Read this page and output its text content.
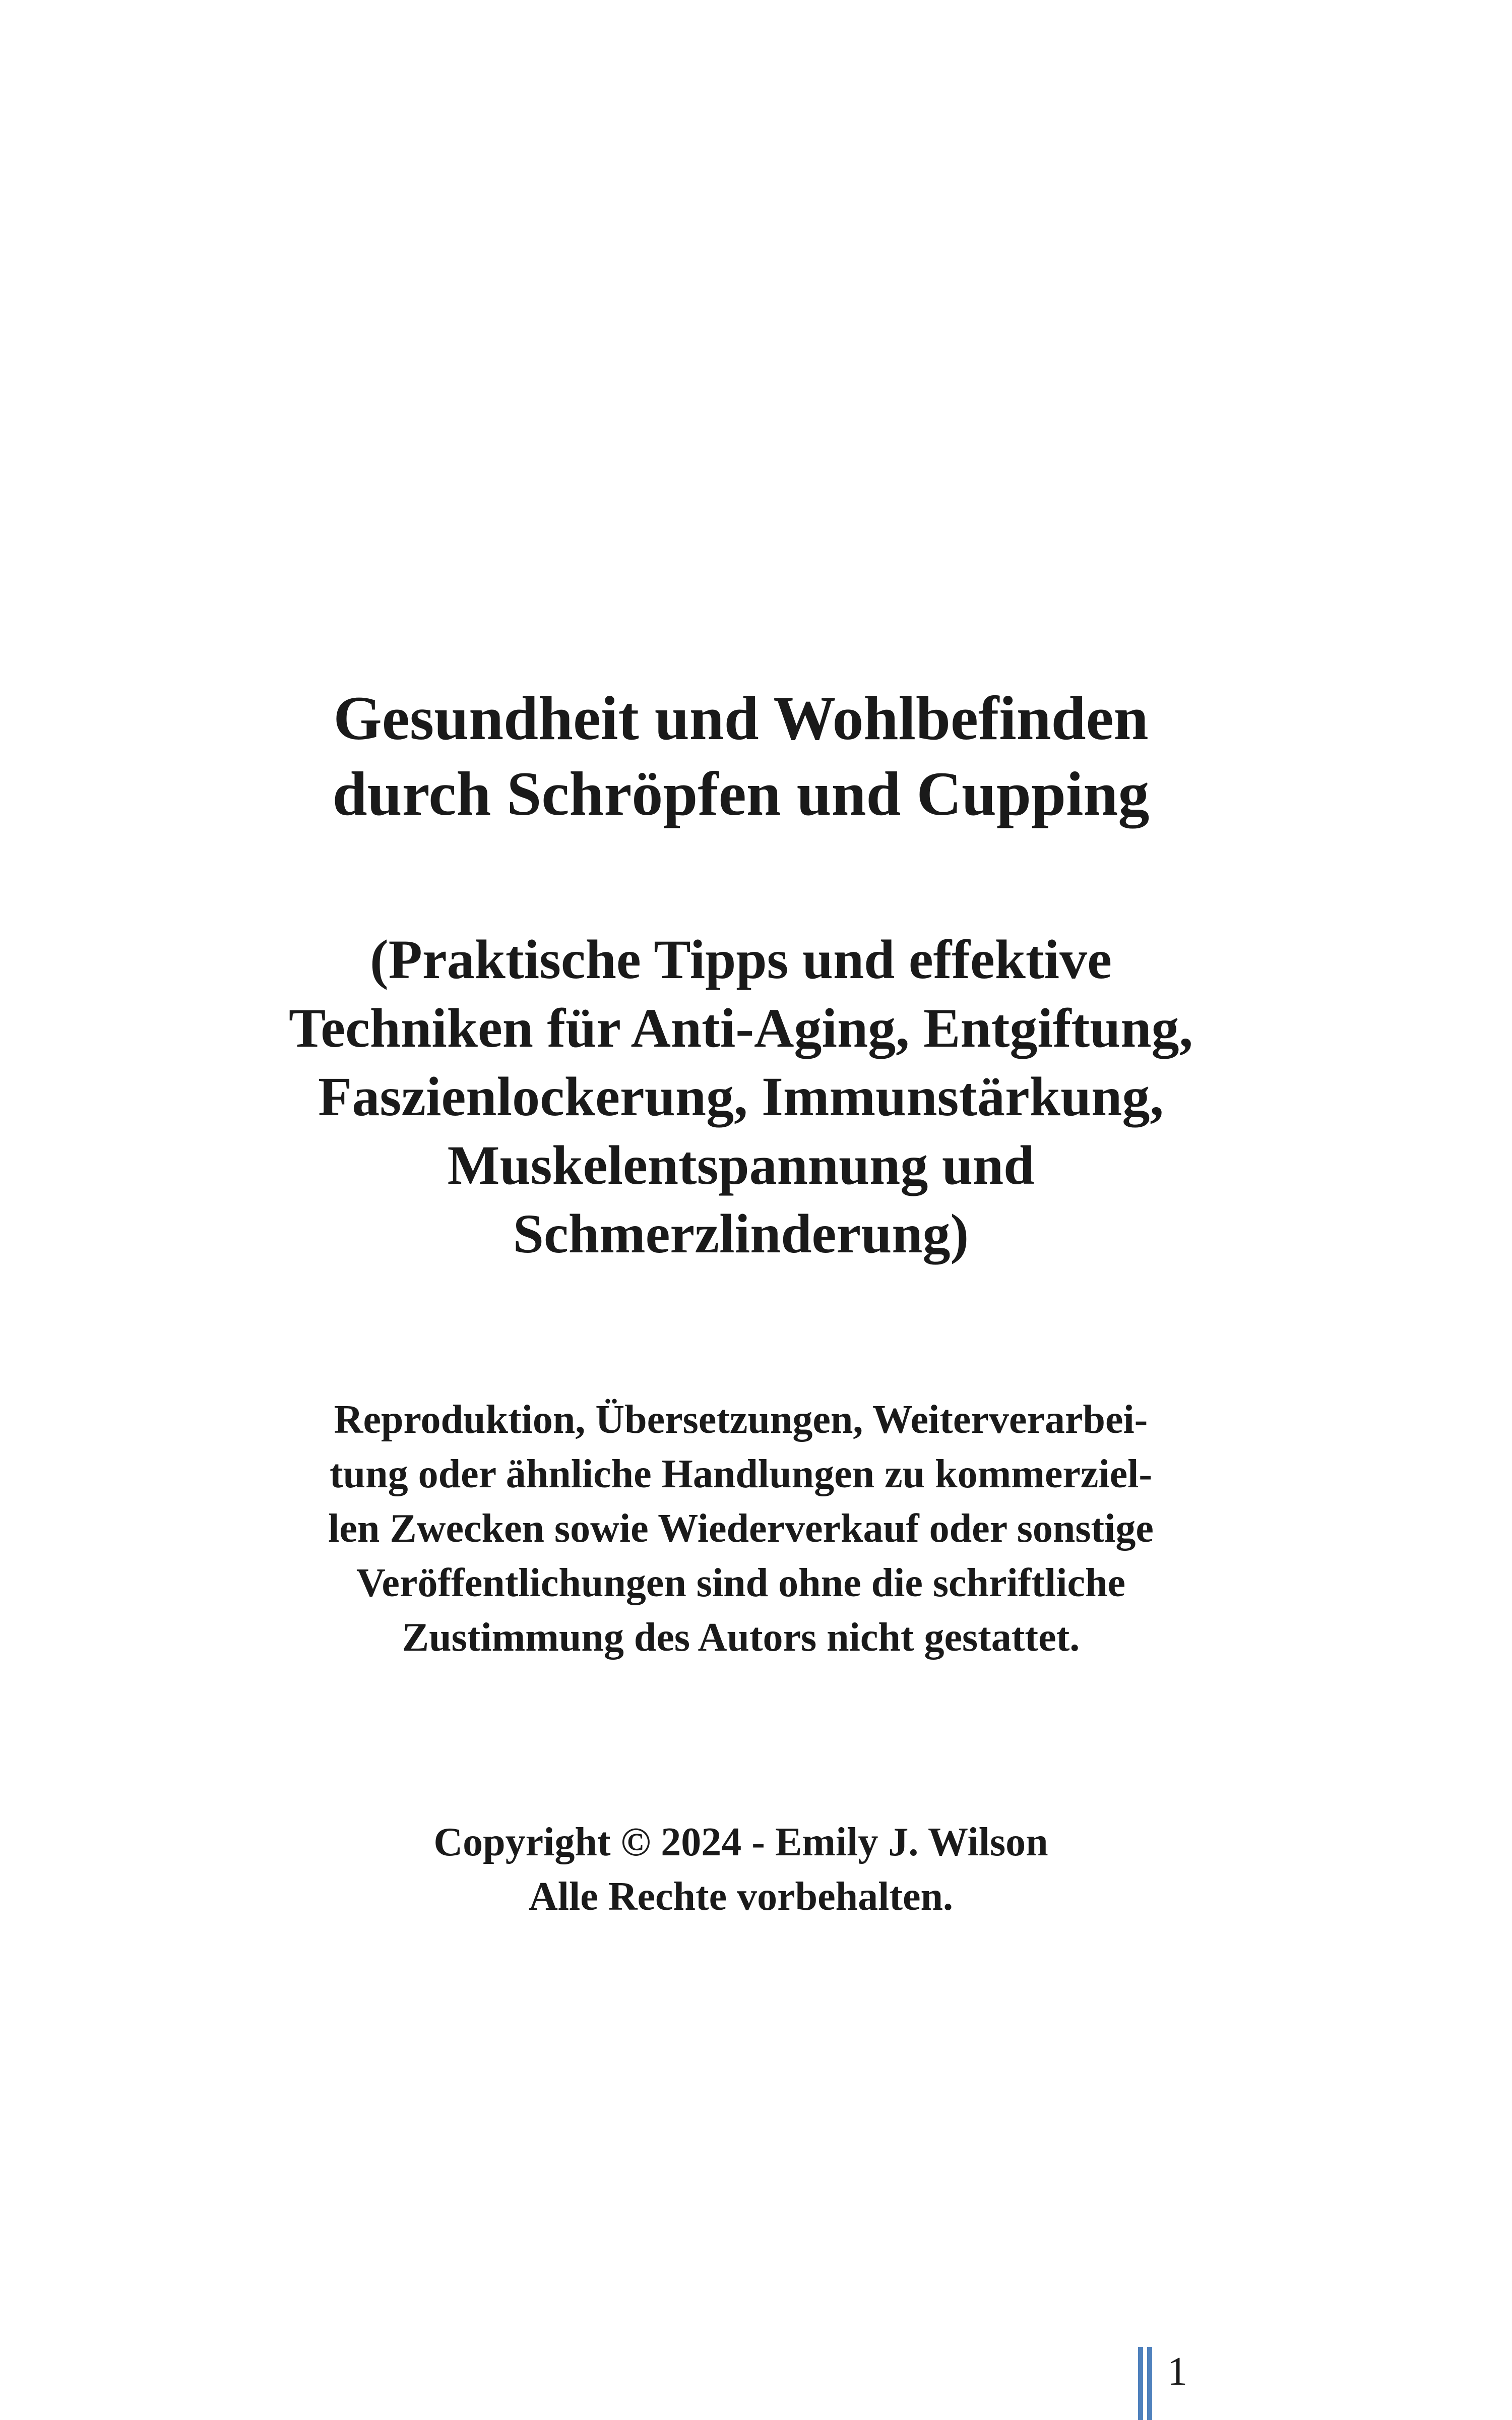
Gesundheit und Wohlbefinden
durch Schröpfen und Cupping
(Praktische Tipps und effektive
Techniken für Anti-Aging, Entgiftung,
Faszienlockerung, Immunstärkung,
Muskelentspannung und
Schmerzlinderung)
Reproduktion, Übersetzungen, Weiterverarbei-
tung oder ähnliche Handlungen zu kommerziel-
len Zwecken sowie Wiederverkauf oder sonstige
Veröffentlichungen sind ohne die schriftliche
Zustimmung des Autors nicht gestattet.
Copyright © 2024 - Emily J. Wilson
Alle Rechte vorbehalten.
1
